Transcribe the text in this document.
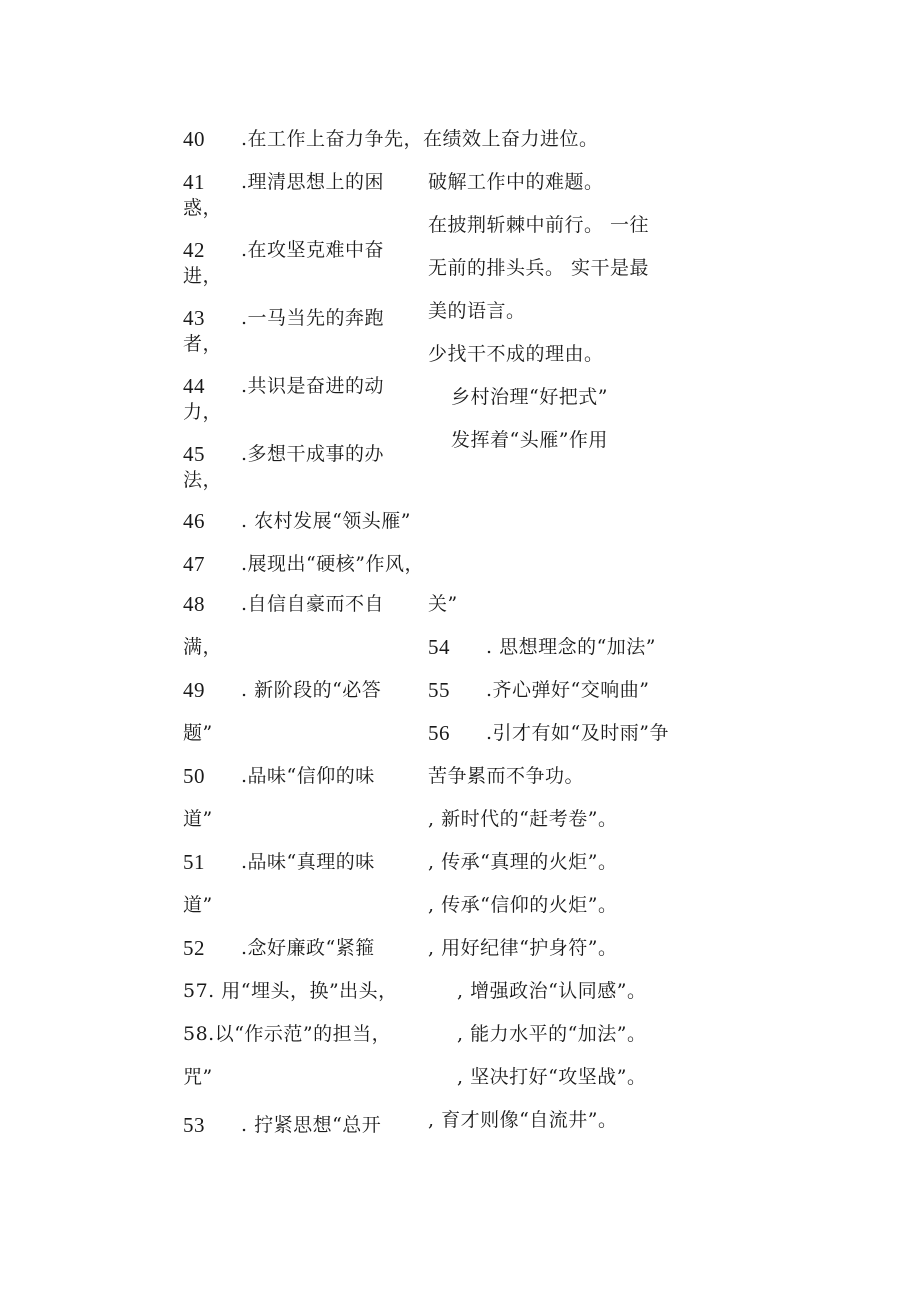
40 .在工作上奋力争先，在绩效上奋力进位。
41 .理清思想上的困
惑，
42 .在攻坚克难中奋
进，
43 .一马当先的奔跑
者，
44 .共识是奋进的动
力，
45 .多想干成事的办
法，
46 . 农村发展“领头雁”
47 .展现出“硬核”作风，
48 .自信自豪而不自
满，
49 . 新阶段的“必答
题”
50 .品味“信仰的味
道”
51 .品味“真理的味
道”
52 .念好廉政“紧箍
57. 用“埋头，换”出头，
58.以“作示范”的担当，
咒”
53 . 拧紧思想“总开
破解工作中的难题。
在披荆斩棘中前行。 一往
无前的排头兵。 实干是最
美的语言。
少找干不成的理由。
乡村治理“好把式”
发挥着“头雁”作用
关”
54 . 思想理念的“加法”
55 .齐心弹好“交响曲”
56 .引才有如“及时雨”争
苦争累而不争功。
, 新时代的“赶考卷”。
, 传承“真理的火炬”。
, 传承“信仰的火炬”。
, 用好纪律“护身符”。
, 增强政治“认同感”。
, 能力水平的“加法”。
, 坚决打好“攻坚战”。
, 育才则像“自流井”。
